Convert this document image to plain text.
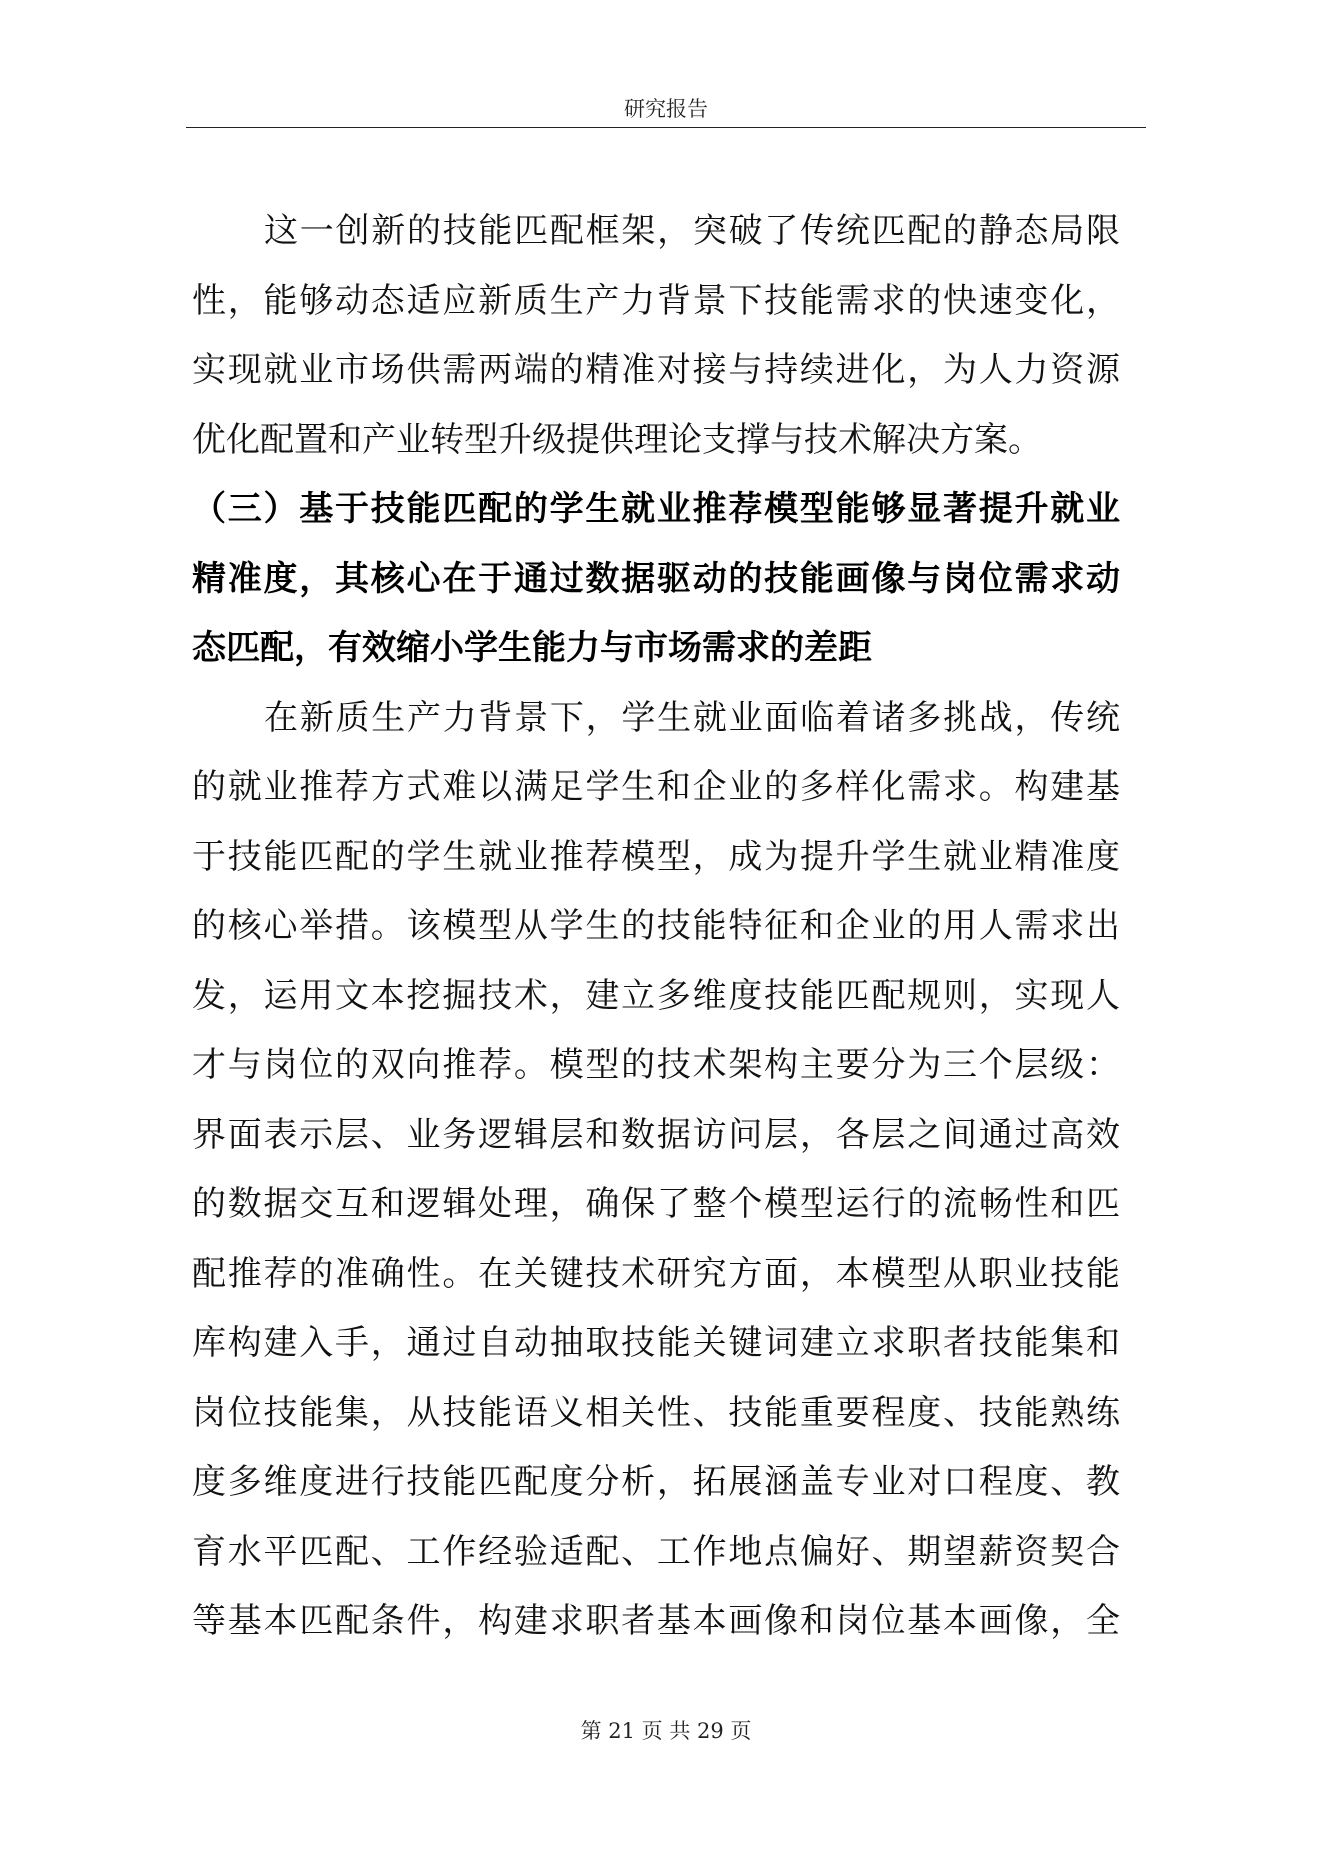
研究报告
这一创新的技能匹配框架，突破了传统匹配的静态局限
性，能够动态适应新质生产力背景下技能需求的快速变化，
实现就业市场供需两端的精准对接与持续进化，为人力资源
优化配置和产业转型升级提供理论支撑与技术解决方案。
（三）基于技能匹配的学生就业推荐模型能够显著提升就业
精准度，其核心在于通过数据驱动的技能画像与岗位需求动
态匹配，有效缩小学生能力与市场需求的差距
在新质生产力背景下，学生就业面临着诸多挑战，传统
的就业推荐方式难以满足学生和企业的多样化需求。构建基
于技能匹配的学生就业推荐模型，成为提升学生就业精准度
的核心举措。该模型从学生的技能特征和企业的用人需求出
发，运用文本挖掘技术，建立多维度技能匹配规则，实现人
才与岗位的双向推荐。模型的技术架构主要分为三个层级：
界面表示层、业务逻辑层和数据访问层，各层之间通过高效
的数据交互和逻辑处理，确保了整个模型运行的流畅性和匹
配推荐的准确性。在关键技术研究方面，本模型从职业技能
库构建入手，通过自动抽取技能关键词建立求职者技能集和
岗位技能集，从技能语义相关性、技能重要程度、技能熟练
度多维度进行技能匹配度分析，拓展涵盖专业对口程度、教
育水平匹配、工作经验适配、工作地点偏好、期望薪资契合
等基本匹配条件，构建求职者基本画像和岗位基本画像，全
第 21 页 共 29 页
